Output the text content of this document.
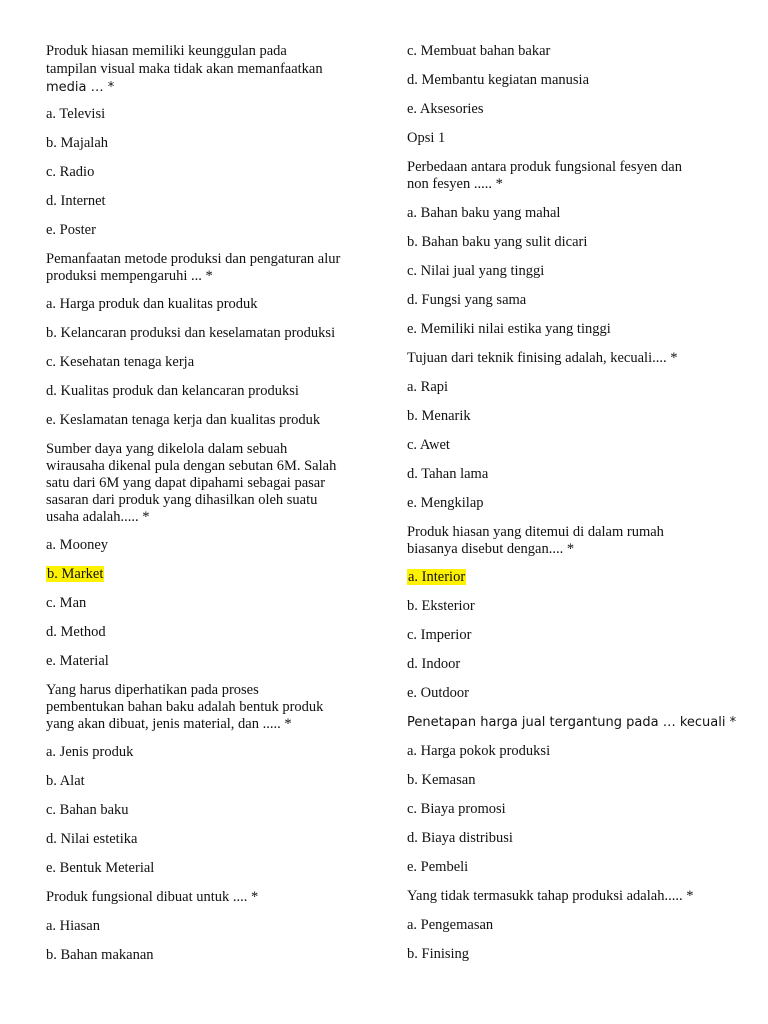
Produk hiasan memiliki keunggulan pada
tampilan visual maka tidak akan memanfaatkan
media … *
a. Televisi
b. Majalah
c. Radio
d. Internet
e. Poster
Pemanfaatan metode produksi dan pengaturan alur
produksi mempengaruhi ... *
a. Harga produk dan kualitas produk
b. Kelancaran produksi dan keselamatan produksi
c. Kesehatan tenaga kerja
d. Kualitas produk dan kelancaran produksi
e. Keslamatan tenaga kerja dan kualitas produk
Sumber daya yang dikelola dalam sebuah
wirausaha dikenal pula dengan sebutan 6M. Salah
satu dari 6M yang dapat dipahami sebagai pasar
sasaran dari produk yang dihasilkan oleh suatu
usaha adalah..... *
a. Mooney
b. Market
c. Man
d. Method
e. Material
Yang harus diperhatikan pada proses
pembentukan bahan baku adalah bentuk produk
yang akan dibuat, jenis material, dan ..... *
a. Jenis produk
b. Alat
c. Bahan baku
d. Nilai estetika
e. Bentuk Meterial
Produk fungsional dibuat untuk .... *
a. Hiasan
b. Bahan makanan
c. Membuat bahan bakar
d. Membantu kegiatan manusia
e. Aksesories
Opsi 1
Perbedaan antara produk fungsional fesyen dan
non fesyen ..... *
a. Bahan baku yang mahal
b. Bahan baku yang sulit dicari
c. Nilai jual yang tinggi
d. Fungsi yang sama
e. Memiliki nilai estika yang tinggi
Tujuan dari teknik finising adalah, kecuali.... *
a. Rapi
b. Menarik
c. Awet
d. Tahan lama
e. Mengkilap
Produk hiasan yang ditemui di dalam rumah
biasanya disebut dengan.... *
a. Interior
b. Eksterior
c. Imperior
d. Indoor
e. Outdoor
Penetapan harga jual tergantung pada … kecuali *
a. Harga pokok produksi
b. Kemasan
c. Biaya promosi
d. Biaya distribusi
e. Pembeli
Yang tidak termasukk tahap produksi adalah..... *
a. Pengemasan
b. Finising
